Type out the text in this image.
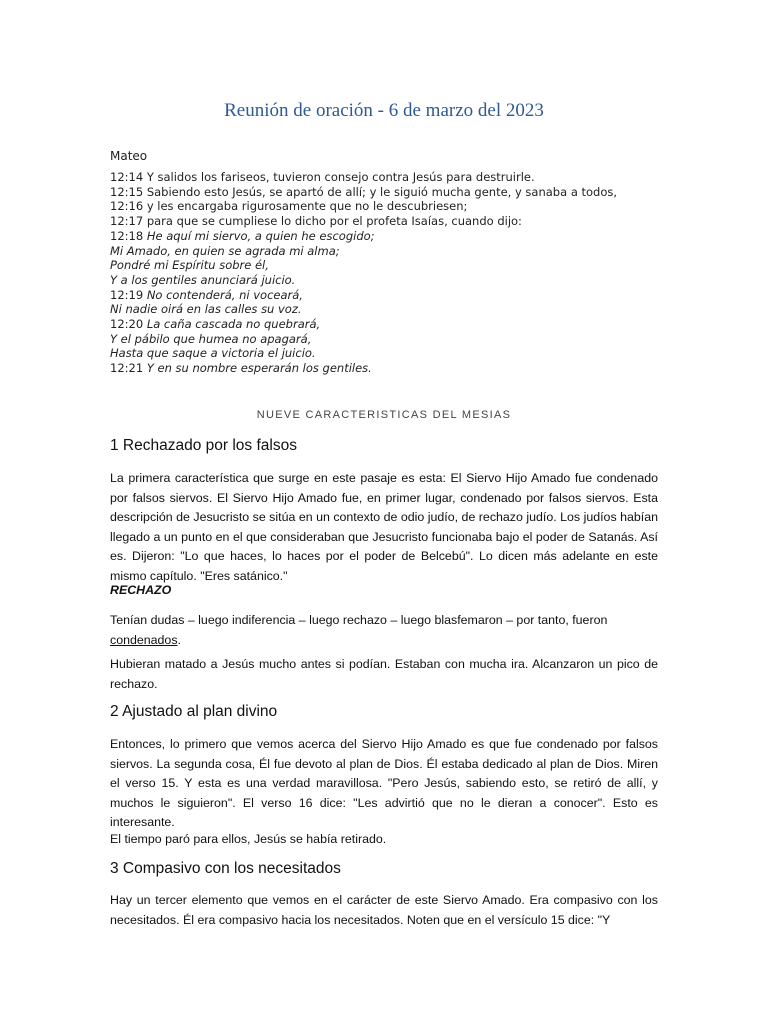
Reunión de oración - 6 de marzo del 2023
Mateo
12:14 Y salidos los fariseos, tuvieron consejo contra Jesús para destruirle.
12:15 Sabiendo esto Jesús, se apartó de allí; y le siguió mucha gente, y sanaba a todos,
12:16 y les encargaba rigurosamente que no le descubriesen;
12:17 para que se cumpliese lo dicho por el profeta Isaías, cuando dijo:
12:18 He aquí mi siervo, a quien he escogido;
Mi Amado, en quien se agrada mi alma;
Pondré mi Espíritu sobre él,
Y a los gentiles anunciará juicio.
12:19 No contenderá, ni voceará,
Ni nadie oirá en las calles su voz.
12:20 La caña cascada no quebrará,
Y el pábilo que humea no apagará,
Hasta que saque a victoria el juicio.
12:21 Y en su nombre esperarán los gentiles.
NUEVE CARACTERISTICAS DEL MESIAS
1 Rechazado por los falsos
La primera característica que surge en este pasaje es esta: El Siervo Hijo Amado fue condenado por falsos siervos. El Siervo Hijo Amado fue, en primer lugar, condenado por falsos siervos. Esta descripción de Jesucristo se sitúa en un contexto de odio judío, de rechazo judío. Los judíos habían llegado a un punto en el que consideraban que Jesucristo funcionaba bajo el poder de Satanás. Así es. Dijeron: "Lo que haces, lo haces por el poder de Belcebú". Lo dicen más adelante en este mismo capítulo. "Eres satánico."
RECHAZO
Tenían dudas – luego indiferencia – luego rechazo – luego blasfemaron – por tanto, fueron
condenados.
Hubieran matado a Jesús mucho antes si podían. Estaban con mucha ira. Alcanzaron un pico de rechazo.
2 Ajustado al plan divino
Entonces, lo primero que vemos acerca del Siervo Hijo Amado es que fue condenado por falsos siervos. La segunda cosa, Él fue devoto al plan de Dios. Él estaba dedicado al plan de Dios. Miren el verso 15. Y esta es una verdad maravillosa. "Pero Jesús, sabiendo esto, se retiró de allí, y muchos le siguieron". El verso 16 dice: "Les advirtió que no le dieran a conocer". Esto es interesante.
El tiempo paró para ellos, Jesús se había retirado.
3 Compasivo con los necesitados
Hay un tercer elemento que vemos en el carácter de este Siervo Amado. Era compasivo con los necesitados. Él era compasivo hacia los necesitados. Noten que en el versículo 15 dice: "Y
